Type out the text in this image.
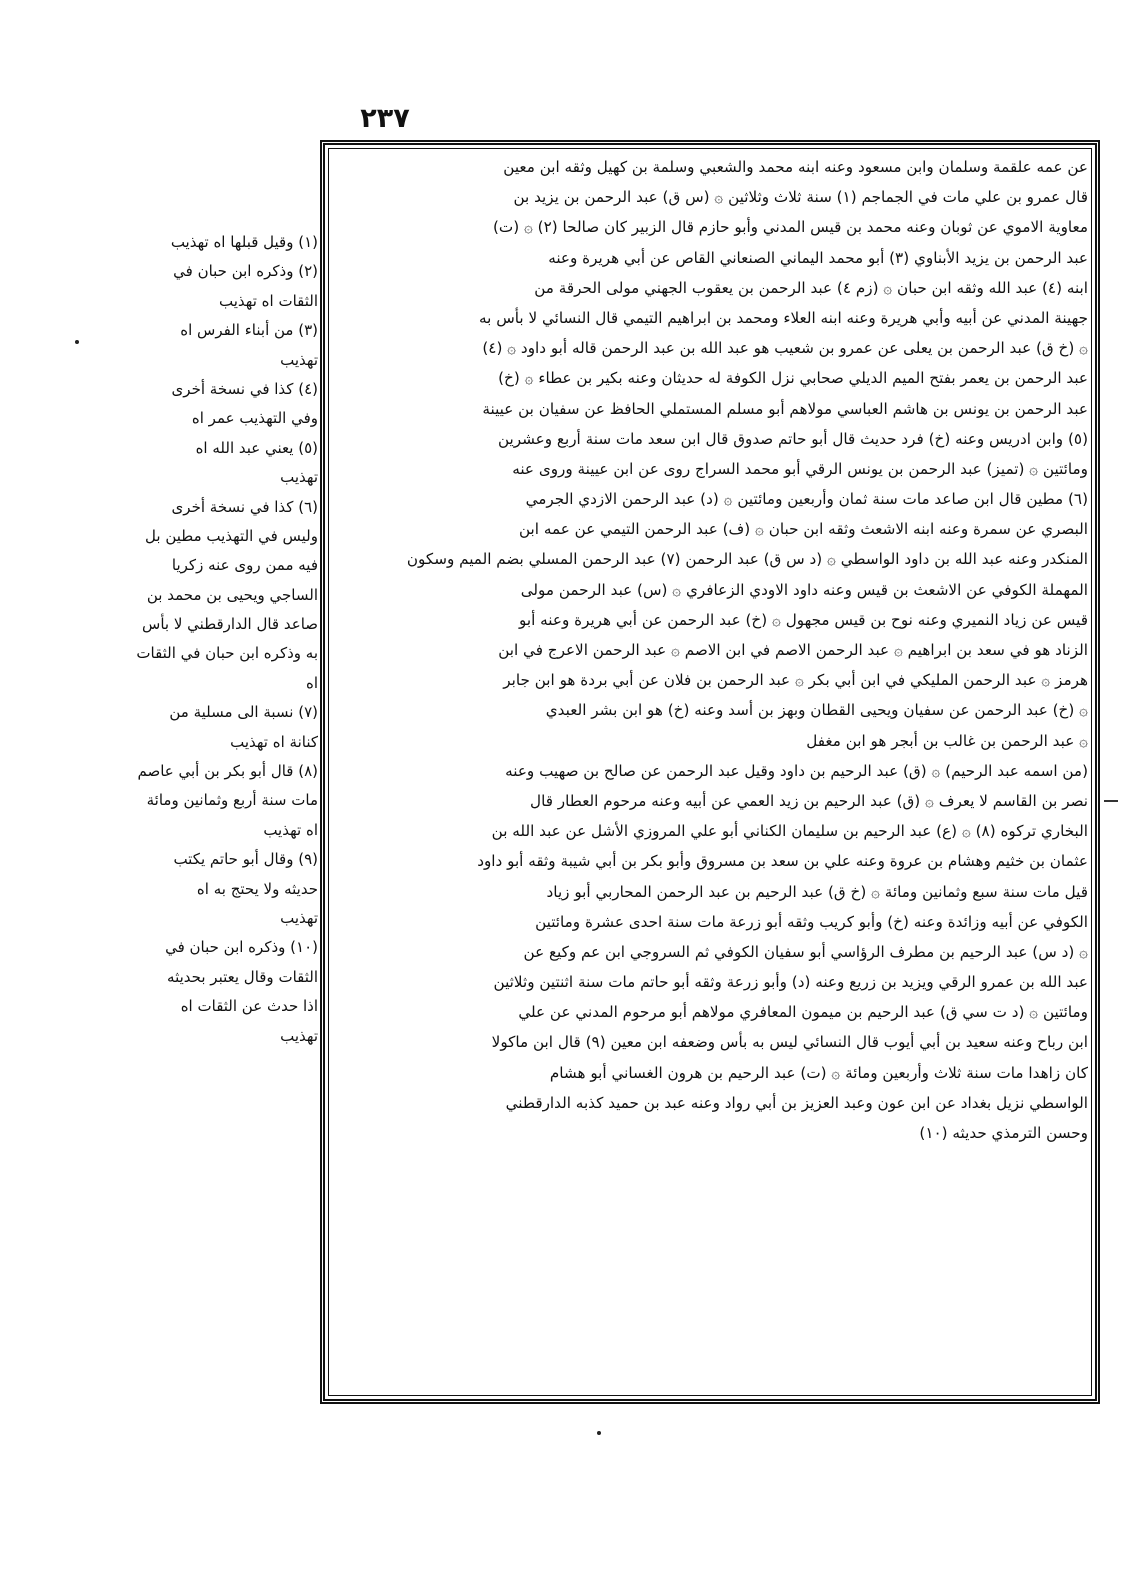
٢٣٧
عن عمه علقمة وسلمان وابن مسعود وعنه ابنه محمد والشعبي وسلمة بن كهيل وثقه ابن معين
قال عمرو بن علي مات في الجماجم (١) سنة ثلاث وثلاثين ۞ (س ق) عبد الرحمن بن يزيد بن
معاوية الاموي عن ثوبان وعنه محمد بن قيس المدني وأبو حازم قال الزبير كان صالحا (٢) ۞ (ت)
عبد الرحمن بن يزيد الأبناوي (٣) أبو محمد اليماني الصنعاني القاص عن أبي هريرة وعنه
ابنه (٤) عبد الله وثقه ابن حبان ۞ (زم ٤) عبد الرحمن بن يعقوب الجهني مولى الحرقة من
جهينة المدني عن أبيه وأبي هريرة وعنه ابنه العلاء ومحمد بن ابراهيم التيمي قال النسائي لا بأس به
۞ (خ ق) عبد الرحمن بن يعلى عن عمرو بن شعيب هو عبد الله بن عبد الرحمن قاله أبو داود ۞ (٤)
عبد الرحمن بن يعمر بفتح الميم الديلي صحابي نزل الكوفة له حديثان وعنه بكير بن عطاء ۞ (خ)
عبد الرحمن بن يونس بن هاشم العباسي مولاهم أبو مسلم المستملي الحافظ عن سفيان بن عيينة
(٥) وابن ادريس وعنه (خ) فرد حديث قال أبو حاتم صدوق قال ابن سعد مات سنة أربع وعشرين
ومائتين ۞ (تميز) عبد الرحمن بن يونس الرقي أبو محمد السراج روى عن ابن عيينة وروى عنه
(٦) مطين قال ابن صاعد مات سنة ثمان وأربعين ومائتين ۞ (د) عبد الرحمن الازدي الجرمي
البصري عن سمرة وعنه ابنه الاشعث وثقه ابن حبان ۞ (ف) عبد الرحمن التيمي عن عمه ابن
المنكدر وعنه عبد الله بن داود الواسطي ۞ (د س ق) عبد الرحمن (٧) عبد الرحمن المسلي بضم الميم وسكون
المهملة الكوفي عن الاشعث بن قيس وعنه داود الاودي الزعافري ۞ (س) عبد الرحمن مولى
قيس عن زياد النميري وعنه نوح بن قيس مجهول ۞ (خ) عبد الرحمن عن أبي هريرة وعنه أبو
الزناد هو في سعد بن ابراهيم ۞ عبد الرحمن الاصم في ابن الاصم ۞ عبد الرحمن الاعرج في ابن
هرمز ۞ عبد الرحمن المليكي في ابن أبي بكر ۞ عبد الرحمن بن فلان عن أبي بردة هو ابن جابر
۞ (خ) عبد الرحمن عن سفيان ويحيى القطان وبهز بن أسد وعنه (خ) هو ابن بشر العبدي
۞ عبد الرحمن بن غالب بن أبجر هو ابن مغفل
(من اسمه عبد الرحيم) ۞ (ق) عبد الرحيم بن داود وقيل عبد الرحمن عن صالح بن صهيب وعنه
نصر بن القاسم لا يعرف ۞ (ق) عبد الرحيم بن زيد العمي عن أبيه وعنه مرحوم العطار قال
البخاري تركوه (٨) ۞ (ع) عبد الرحيم بن سليمان الكناني أبو علي المروزي الأشل عن عبد الله بن
عثمان بن خثيم وهشام بن عروة وعنه علي بن سعد بن مسروق وأبو بكر بن أبي شيبة وثقه أبو داود
قيل مات سنة سبع وثمانين ومائة ۞ (خ ق) عبد الرحيم بن عبد الرحمن المحاربي أبو زياد
الكوفي عن أبيه وزائدة وعنه (خ) وأبو كريب وثقه أبو زرعة مات سنة احدى عشرة ومائتين
۞ (د س) عبد الرحيم بن مطرف الرؤاسي أبو سفيان الكوفي ثم السروجي ابن عم وكيع عن
عبد الله بن عمرو الرقي ويزيد بن زريع وعنه (د) وأبو زرعة وثقه أبو حاتم مات سنة اثنتين وثلاثين
ومائتين ۞ (د ت سي ق) عبد الرحيم بن ميمون المعافري مولاهم أبو مرحوم المدني عن علي
ابن رباح وعنه سعيد بن أبي أيوب قال النسائي ليس به بأس وضعفه ابن معين (٩) قال ابن ماكولا
كان زاهدا مات سنة ثلاث وأربعين ومائة ۞ (ت) عبد الرحيم بن هرون الغساني أبو هشام
الواسطي نزيل بغداد عن ابن عون وعبد العزيز بن أبي رواد وعنه عبد بن حميد كذبه الدارقطني
وحسن الترمذي حديثه (١٠)
(١) وقيل قبلها اه تهذيب
(٢) وذكره ابن حبان في
الثقات اه تهذيب
(٣) من أبناء الفرس اه
تهذيب
(٤) كذا في نسخة أخرى
وفي التهذيب عمر اه
(٥) يعني عبد الله اه
تهذيب
(٦) كذا في نسخة أخرى
وليس في التهذيب مطين بل
فيه ممن روى عنه زكريا
الساجي ويحيى بن محمد بن
صاعد قال الدارقطني لا بأس
به وذكره ابن حبان في الثقات
اه
(٧) نسبة الى مسلية من
كنانة اه تهذيب
(٨) قال أبو بكر بن أبي عاصم
مات سنة أربع وثمانين ومائة
اه تهذيب
(٩) وقال أبو حاتم يكتب
حديثه ولا يحتج به اه
تهذيب
(١٠) وذكره ابن حبان في
الثقات وقال يعتبر بحديثه
اذا حدث عن الثقات اه
تهذيب
